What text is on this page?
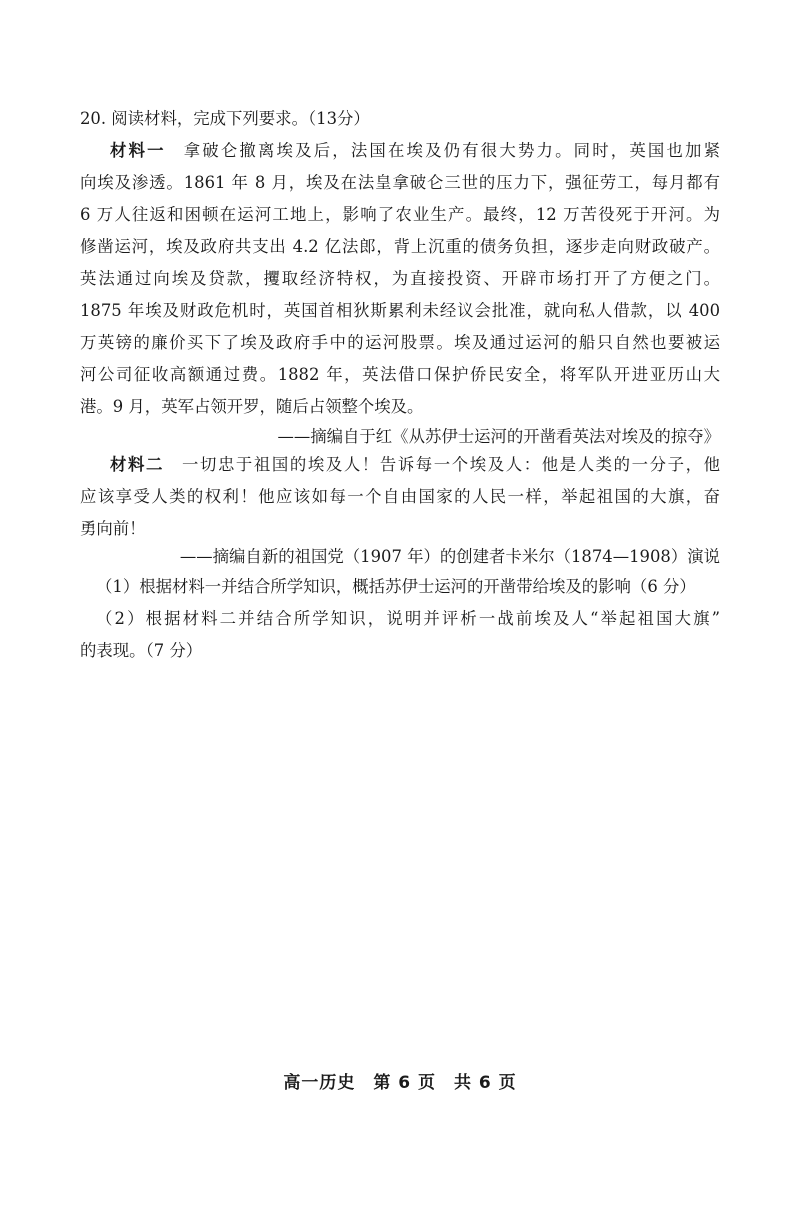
20. 阅读材料，完成下列要求。（13分）
材料一 拿破仑撤离埃及后，法国在埃及仍有很大势力。同时，英国也加紧
向埃及渗透。1861 年 8 月，埃及在法皇拿破仑三世的压力下，强征劳工，每月都有
6 万人往返和困顿在运河工地上，影响了农业生产。最终，12 万苦役死于开河。为
修凿运河，埃及政府共支出 4.2 亿法郎，背上沉重的债务负担，逐步走向财政破产。
英法通过向埃及贷款，攫取经济特权，为直接投资、开辟市场打开了方便之门。
1875 年埃及财政危机时，英国首相狄斯累利未经议会批准，就向私人借款，以 400
万英镑的廉价买下了埃及政府手中的运河股票。埃及通过运河的船只自然也要被运
河公司征收高额通过费。1882 年，英法借口保护侨民安全，将军队开进亚历山大
港。9 月，英军占领开罗，随后占领整个埃及。
——摘编自于红《从苏伊士运河的开凿看英法对埃及的掠夺》
材料二 一切忠于祖国的埃及人！告诉每一个埃及人：他是人类的一分子，他
应该享受人类的权利！他应该如每一个自由国家的人民一样，举起祖国的大旗，奋
勇向前！
——摘编自新的祖国党（1907 年）的创建者卡米尔（1874—1908）演说
（1）根据材料一并结合所学知识，概括苏伊士运河的开凿带给埃及的影响（6 分）
（2）根据材料二并结合所学知识，说明并评析一战前埃及人“举起祖国大旗”
的表现。（7 分）
高一历史　第 6 页　共 6 页
